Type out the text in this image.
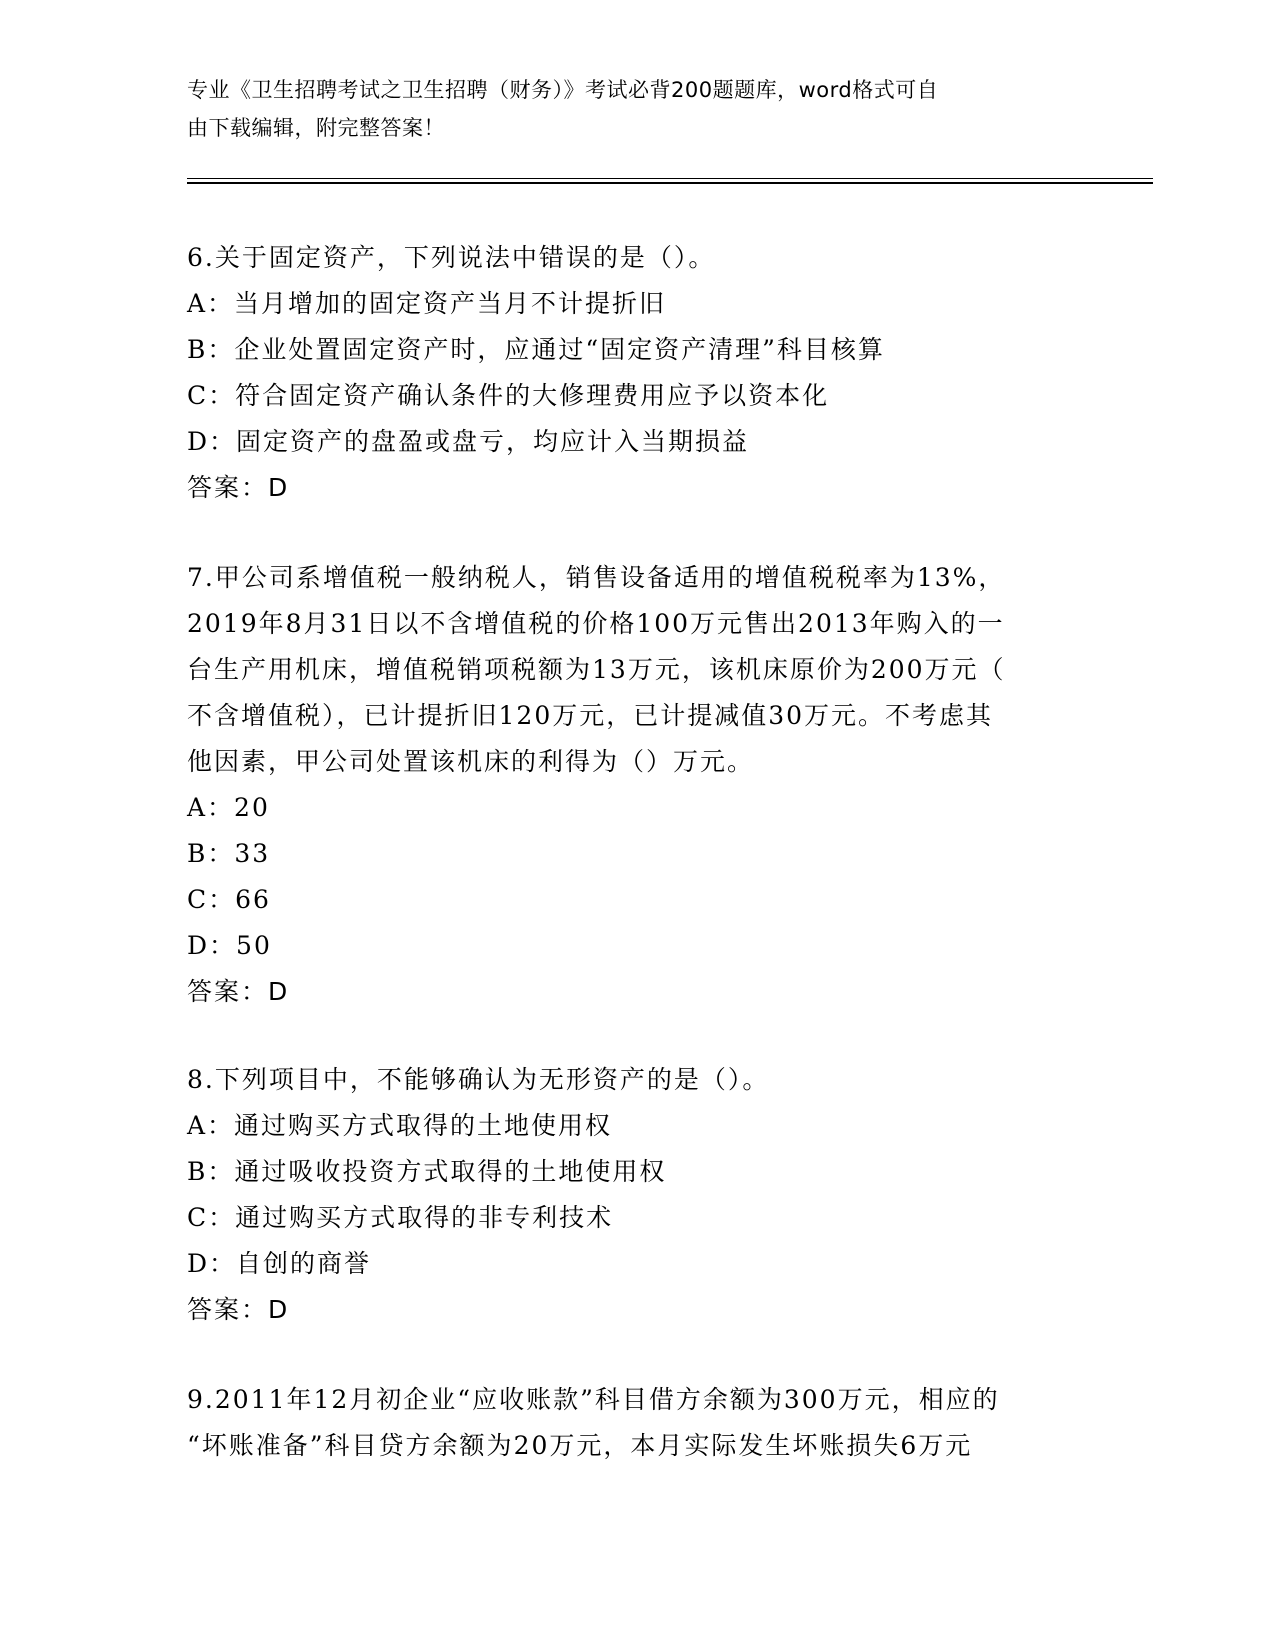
专业《卫生招聘考试之卫生招聘（财务）》考试必背200题题库，word格式可自
由下载编辑，附完整答案！

6.关于固定资产，下列说法中错误的是（）。

A：当月增加的固定资产当月不计提折旧

B：企业处置固定资产时，应通过“固定资产清理”科目核算

C：符合固定资产确认条件的大修理费用应予以资本化

D：固定资产的盘盈或盘亏，均应计入当期损益

答案：D

7.甲公司系增值税一般纳税人，销售设备适用的增值税税率为13%，

2019年8月31日以不含增值税的价格100万元售出2013年购入的一

台生产用机床，增值税销项税额为13万元，该机床原价为200万元（

不含增值税），已计提折旧120万元，已计提减值30万元。不考虑其

他因素，甲公司处置该机床的利得为（）万元。

A：20

B：33

C：66

D：50

答案：D

8.下列项目中，不能够确认为无形资产的是（）。

A：通过购买方式取得的土地使用权

B：通过吸收投资方式取得的土地使用权

C：通过购买方式取得的非专利技术

D：自创的商誉

答案：D

9.2011年12月初企业“应收账款”科目借方余额为300万元，相应的

“坏账准备”科目贷方余额为20万元，本月实际发生坏账损失6万元
